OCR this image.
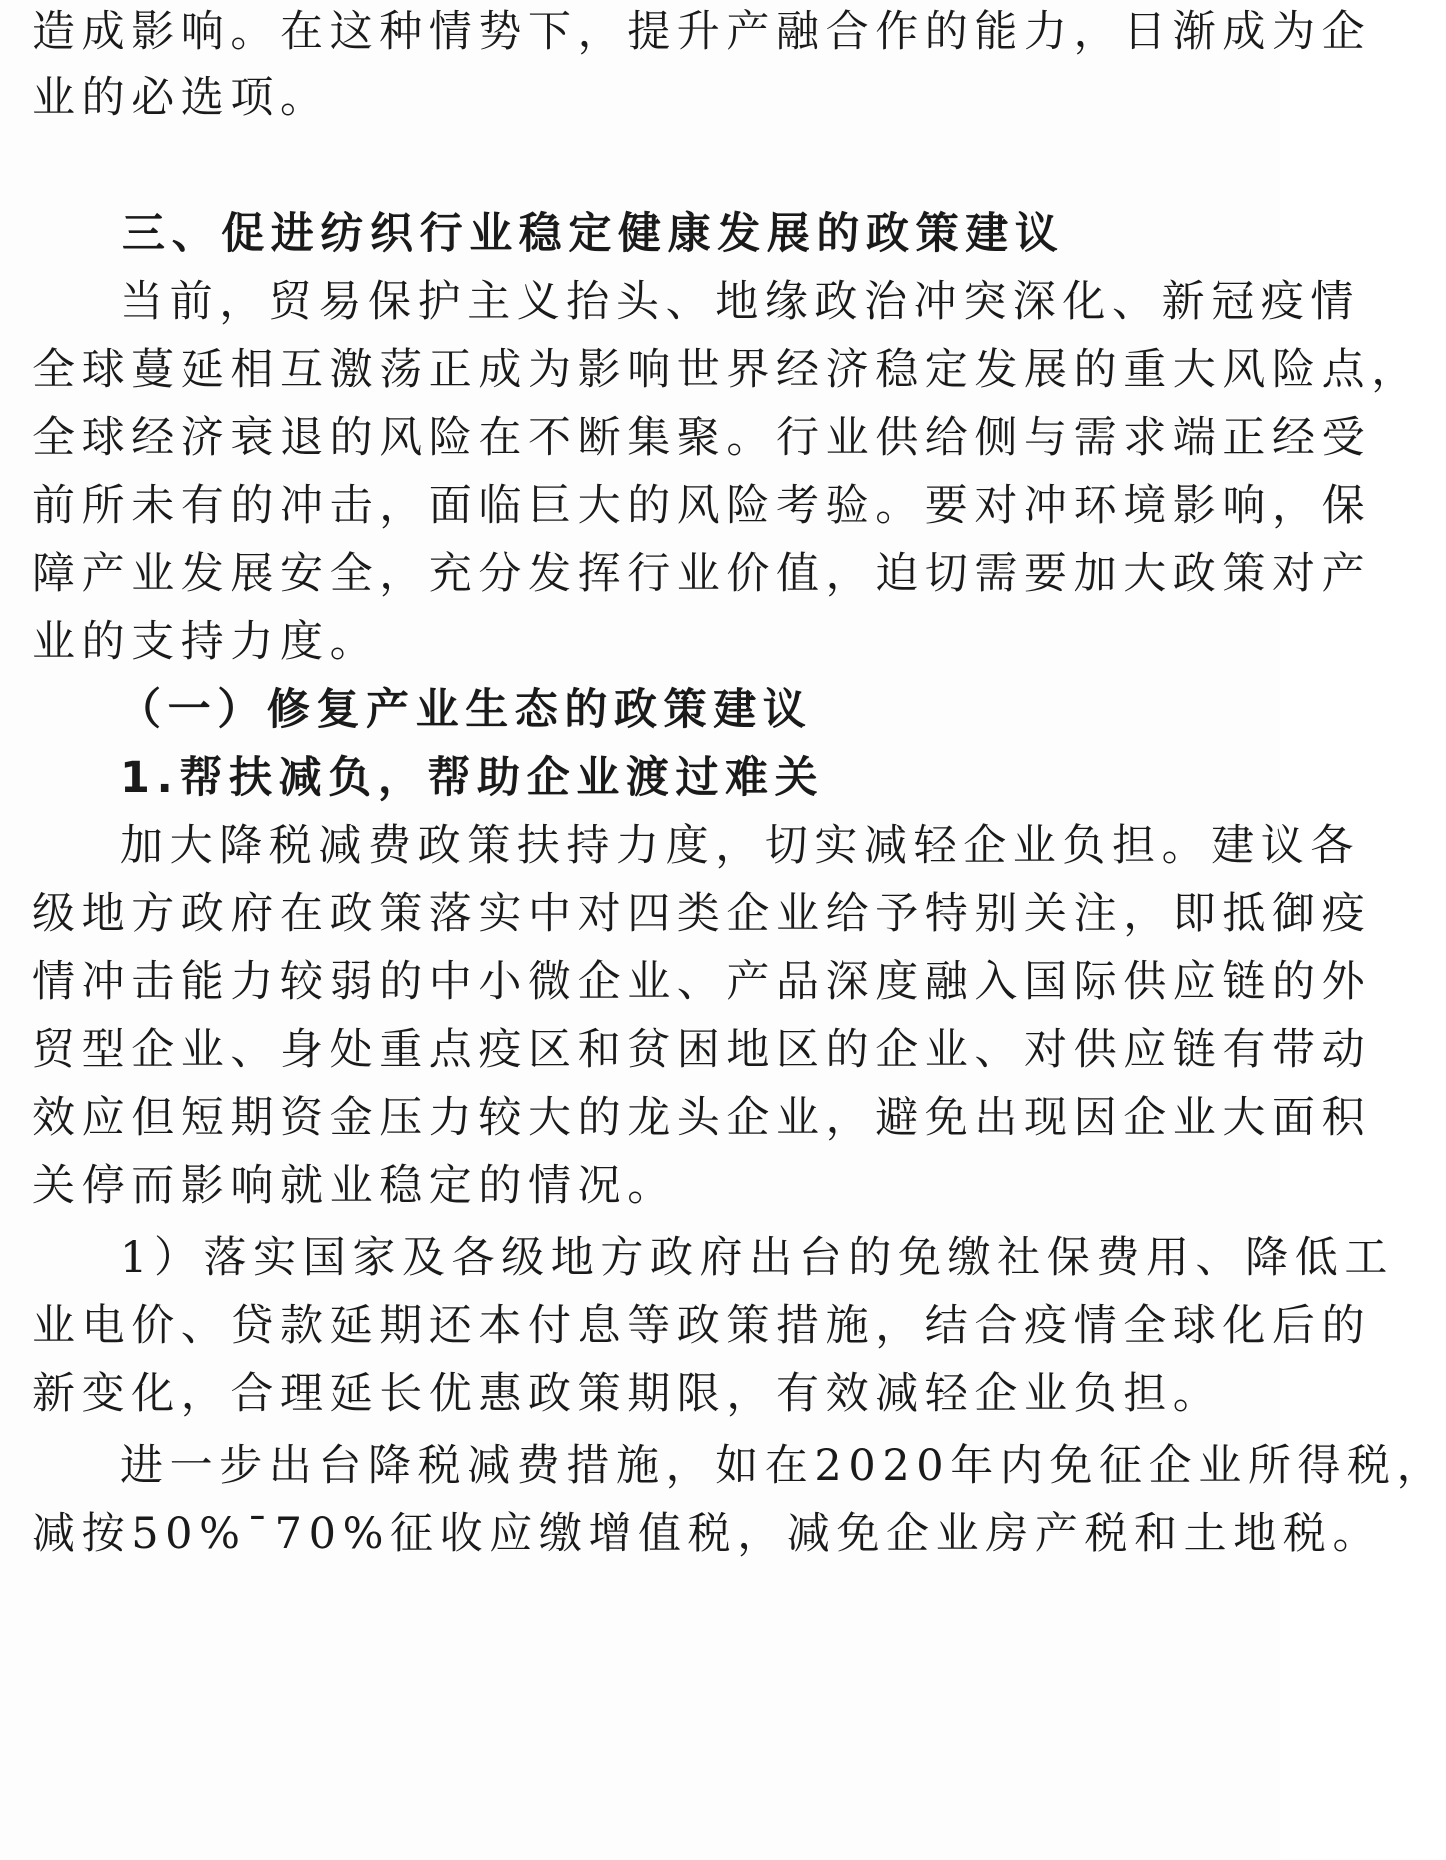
造成影响。在这种情势下，提升产融合作的能力，日渐成为企
业的必选项。
三、促进纺织行业稳定健康发展的政策建议
当前，贸易保护主义抬头、地缘政治冲突深化、新冠疫情
全球蔓延相互激荡正成为影响世界经济稳定发展的重大风险点，
全球经济衰退的风险在不断集聚。行业供给侧与需求端正经受
前所未有的冲击，面临巨大的风险考验。要对冲环境影响，保
障产业发展安全，充分发挥行业价值，迫切需要加大政策对产
业的支持力度。
（一）修复产业生态的政策建议
1.帮扶减负，帮助企业渡过难关
加大降税减费政策扶持力度，切实减轻企业负担。建议各
级地方政府在政策落实中对四类企业给予特别关注，即抵御疫
情冲击能力较弱的中小微企业、产品深度融入国际供应链的外
贸型企业、身处重点疫区和贫困地区的企业、对供应链有带动
效应但短期资金压力较大的龙头企业，避免出现因企业大面积
关停而影响就业稳定的情况。
1）落实国家及各级地方政府出台的免缴社保费用、降低工
业电价、贷款延期还本付息等政策措施，结合疫情全球化后的
新变化，合理延长优惠政策期限，有效减轻企业负担。
进一步出台降税减费措施，如在2020年内免征企业所得税，
减按50%¯70%征收应缴增值税，减免企业房产税和土地税。
